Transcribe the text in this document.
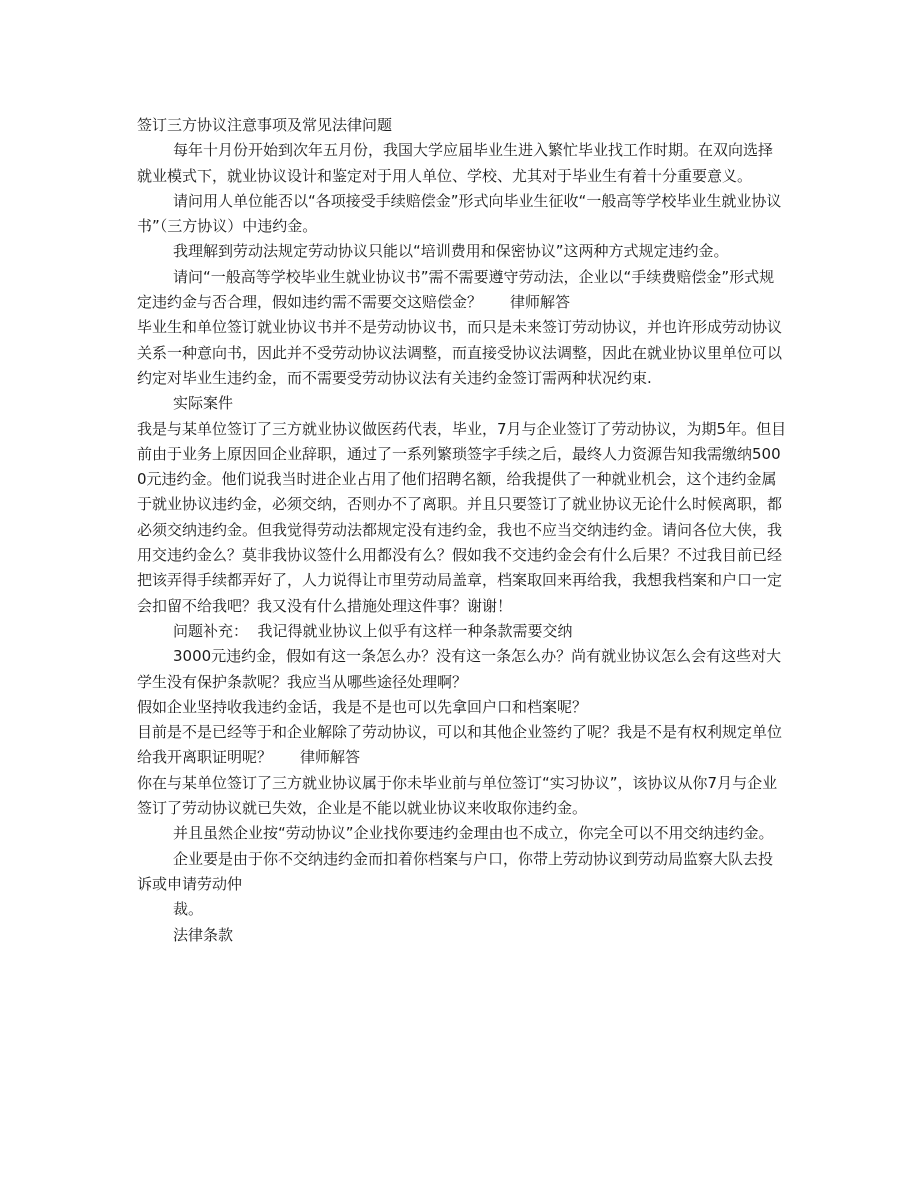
签订三方协议注意事项及常见法律问题

每年十月份开始到次年五月份，我国大学应届毕业生进入繁忙毕业找工作时期。在双向选择就业模式下，就业协议设计和鉴定对于用人单位、学校、尤其对于毕业生有着十分重要意义。

请问用人单位能否以“各项接受手续赔偿金”形式向毕业生征收“一般高等学校毕业生就业协议书”（三方协议）中违约金。

我理解到劳动法规定劳动协议只能以“培训费用和保密协议”这两种方式规定违约金。

请问“一般高等学校毕业生就业协议书”需不需要遵守劳动法，企业以“手续费赔偿金”形式规定违约金与否合理，假如违约需不需要交这赔偿金？ 律师解答

毕业生和单位签订就业协议书并不是劳动协议书，而只是未来签订劳动协议，并也许形成劳动协议关系一种意向书，因此并不受劳动协议法调整，而直接受协议法调整，因此在就业协议里单位可以约定对毕业生违约金，而不需要受劳动协议法有关违约金签订需两种状况约束.

实际案件

我是与某单位签订了三方就业协议做医药代表，毕业，7月与企业签订了劳动协议，为期5年。但目前由于业务上原因回企业辞职，通过了一系列繁琐签字手续之后，最终人力资源告知我需缴纳5000元违约金。他们说我当时进企业占用了他们招聘名额，给我提供了一种就业机会，这个违约金属于就业协议违约金，必须交纳，否则办不了离职。并且只要签订了就业协议无论什么时候离职，都必须交纳违约金。但我觉得劳动法都规定没有违约金，我也不应当交纳违约金。请问各位大侠，我用交违约金么？莫非我协议签什么用都没有么？假如我不交违约金会有什么后果？不过我目前已经把该弄得手续都弄好了，人力说得让市里劳动局盖章，档案取回来再给我，我想我档案和户口一定会扣留不给我吧？我又没有什么措施处理这件事？谢谢！

问题补充：  我记得就业协议上似乎有这样一种条款需要交纳

3000元违约金，假如有这一条怎么办？没有这一条怎么办？尚有就业协议怎么会有这些对大学生没有保护条款呢？我应当从哪些途径处理啊？

假如企业坚持收我违约金话，我是不是也可以先拿回户口和档案呢？

目前是不是已经等于和企业解除了劳动协议，可以和其他企业签约了呢？我是不是有权利规定单位给我开离职证明呢？ 律师解答

你在与某单位签订了三方就业协议属于你未毕业前与单位签订“实习协议”，该协议从你7月与企业签订了劳动协议就已失效，企业是不能以就业协议来收取你违约金。

并且虽然企业按“劳动协议”企业找你要违约金理由也不成立，你完全可以不用交纳违约金。

企业要是由于你不交纳违约金而扣着你档案与户口，你带上劳动协议到劳动局监察大队去投诉或申请劳动仲

裁。

法律条款
